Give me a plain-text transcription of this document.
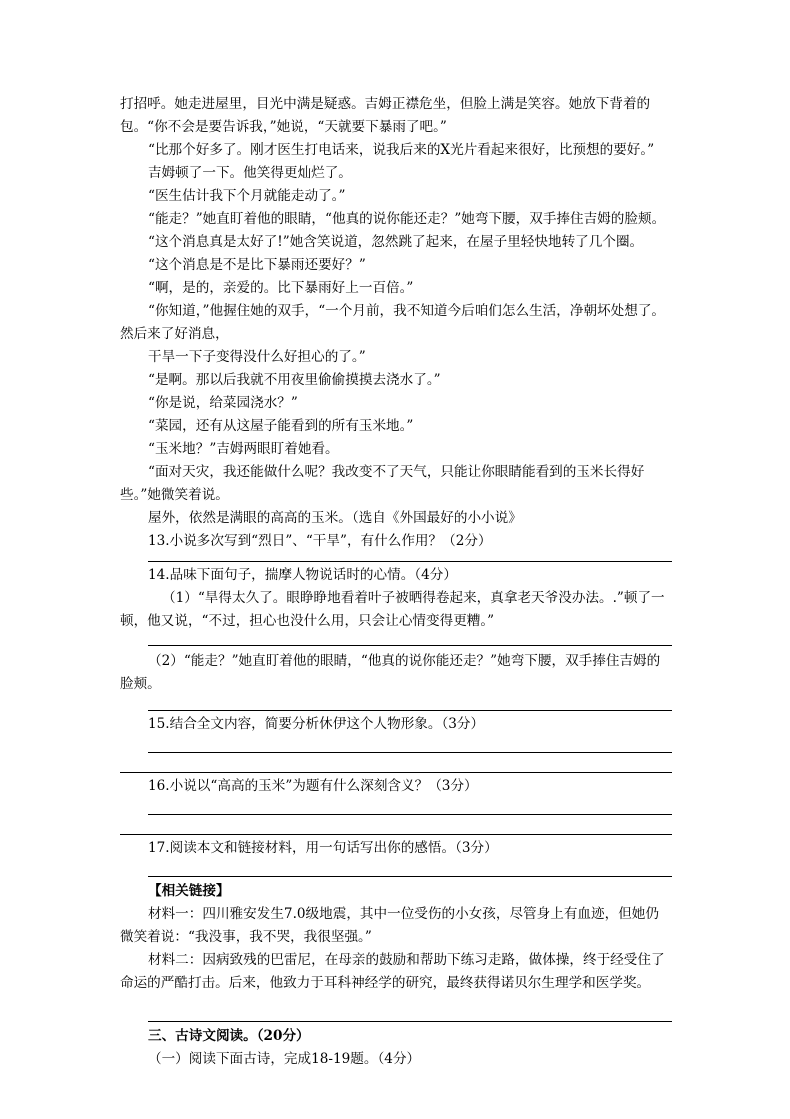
打招呼。她走进屋里，目光中满是疑惑。吉姆正襟危坐，但脸上满是笑容。她放下背着的包。“你不会是要告诉我，”她说，“天就要下暴雨了吧。”

“比那个好多了。刚才医生打电话来，说我后来的X光片看起来很好，比预想的要好。”

吉姆顿了一下。他笑得更灿烂了。

“医生估计我下个月就能走动了。”

“能走？”她直盯着他的眼睛，“他真的说你能还走？”她弯下腰，双手捧住吉姆的脸颊。

“这个消息真是太好了!”她含笑说道，忽然跳了起来，在屋子里轻快地转了几个圈。

“这个消息是不是比下暴雨还要好？”

“啊，是的，亲爱的。比下暴雨好上一百倍。”

“你知道，”他握住她的双手，“一个月前，我不知道今后咱们怎么生活，净朝坏处想了。然后来了好消息，

干旱一下子变得没什么好担心的了。”

“是啊。那以后我就不用夜里偷偷摸摸去浇水了。”

“你是说，给菜园浇水？”

“菜园，还有从这屋子能看到的所有玉米地。”

“玉米地？”吉姆两眼盯着她看。

“面对天灾，我还能做什么呢？我改变不了天气，只能让你眼睛能看到的玉米长得好些。”她微笑着说。

屋外，依然是满眼的高高的玉米。（选自《外国最好的小小说》

13.小说多次写到“烈日”、“干旱”，有什么作用？（2分）

14.品味下面句子，揣摩人物说话时的心情。（4分）

（1）“旱得太久了。眼睁睁地看着叶子被晒得卷起来，真拿老天爷没办法。.”顿了一顿，他又说，“不过，担心也没什么用，只会让心情变得更糟。”

（2）“能走？”她直盯着他的眼睛，“他真的说你能还走？”她弯下腰，双手捧住吉姆的脸颊。

15.结合全文内容，简要分析休伊这个人物形象。（3分）

16.小说以“高高的玉米”为题有什么深刻含义？（3分）

17.阅读本文和链接材料，用一句话写出你的感悟。（3分）

【相关链接】

材料一：四川雅安发生7.0级地震，其中一位受伤的小女孩，尽管身上有血迹，但她仍微笑着说：“我没事，我不哭，我很坚强。”

材料二：因病致残的巴雷尼，在母亲的鼓励和帮助下练习走路，做体操，终于经受住了命运的严酷打击。后来，他致力于耳科神经学的研究，最终获得诺贝尔生理学和医学奖。

三、古诗文阅读。（20分）

（一）阅读下面古诗，完成18-19题。（4分）
